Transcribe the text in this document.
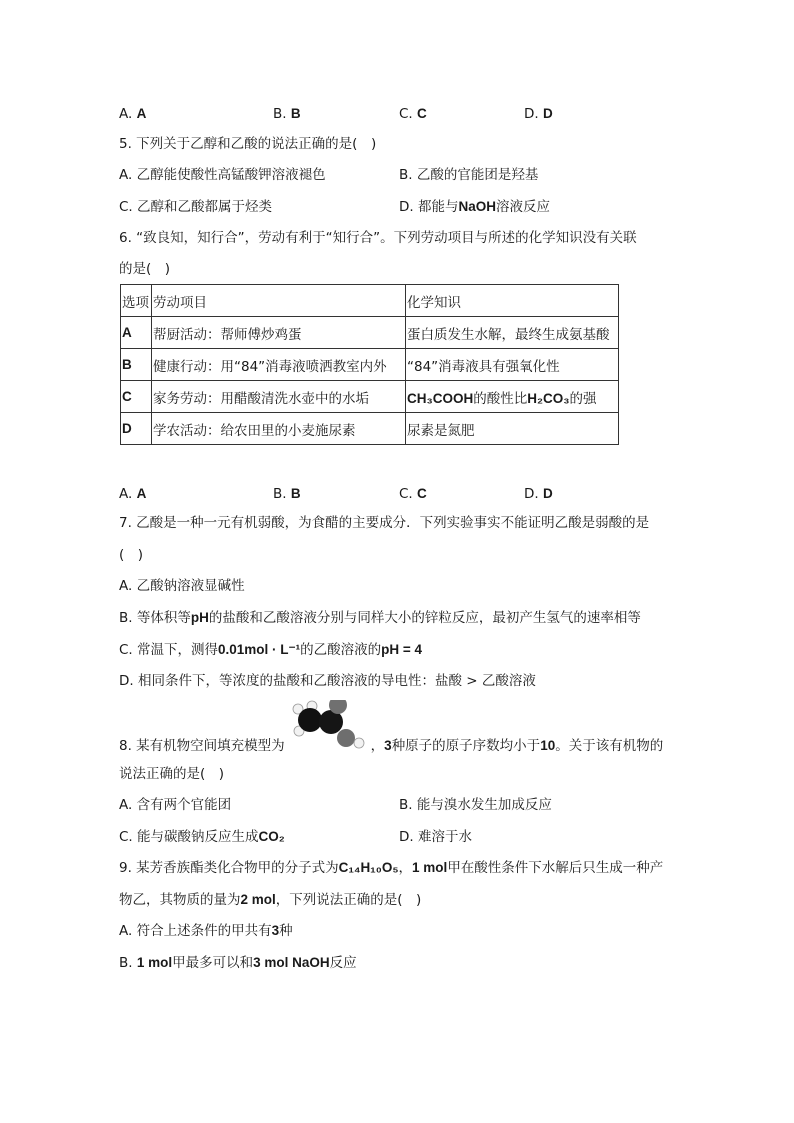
A. A	B. B	C. C	D. D
5. 下列关于乙醇和乙酸的说法正确的是(　)
A. 乙醇能使酸性高锰酸钾溶液褪色	B. 乙酸的官能团是羟基
C. 乙醇和乙酸都属于烃类	D. 都能与NaOH溶液反应
6. “致良知，知行合”，劳动有利于“知行合”。下列劳动项目与所述的化学知识没有关联
的是(　)
选项	劳动项目	化学知识
A	帮厨活动：帮师傅炒鸡蛋	蛋白质发生水解，最终生成氨基酸
B	健康行动：用“84”消毒液喷洒教室内外	“84”消毒液具有强氧化性
C	家务劳动：用醋酸清洗水壶中的水垢	CH₃COOH的酸性比H₂CO₃的强
D	学农活动：给农田里的小麦施尿素	尿素是氮肥
A. A	B. B	C. C	D. D
7. 乙酸是一种一元有机弱酸，为食醋的主要成分．下列实验事实不能证明乙酸是弱酸的是
(　)
A. 乙酸钠溶液显碱性
B. 等体积等pH的盐酸和乙酸溶液分别与同样大小的锌粒反应，最初产生氢气的速率相等
C. 常温下，测得0.01mol · L⁻¹的乙酸溶液的pH = 4
D. 相同条件下，等浓度的盐酸和乙酸溶液的导电性：盐酸 > 乙酸溶液
8. 某有机物空间填充模型为	，3种原子的原子序数均小于10。关于该有机物的
说法正确的是(　)
A. 含有两个官能团	B. 能与溴水发生加成反应
C. 能与碳酸钠反应生成CO₂	D. 难溶于水
9. 某芳香族酯类化合物甲的分子式为C₁₄H₁₀O₅，1 mol甲在酸性条件下水解后只生成一种产
物乙，其物质的量为2 mol，下列说法正确的是(　)
A. 符合上述条件的甲共有3种
B. 1 mol甲最多可以和3 mol NaOH反应
